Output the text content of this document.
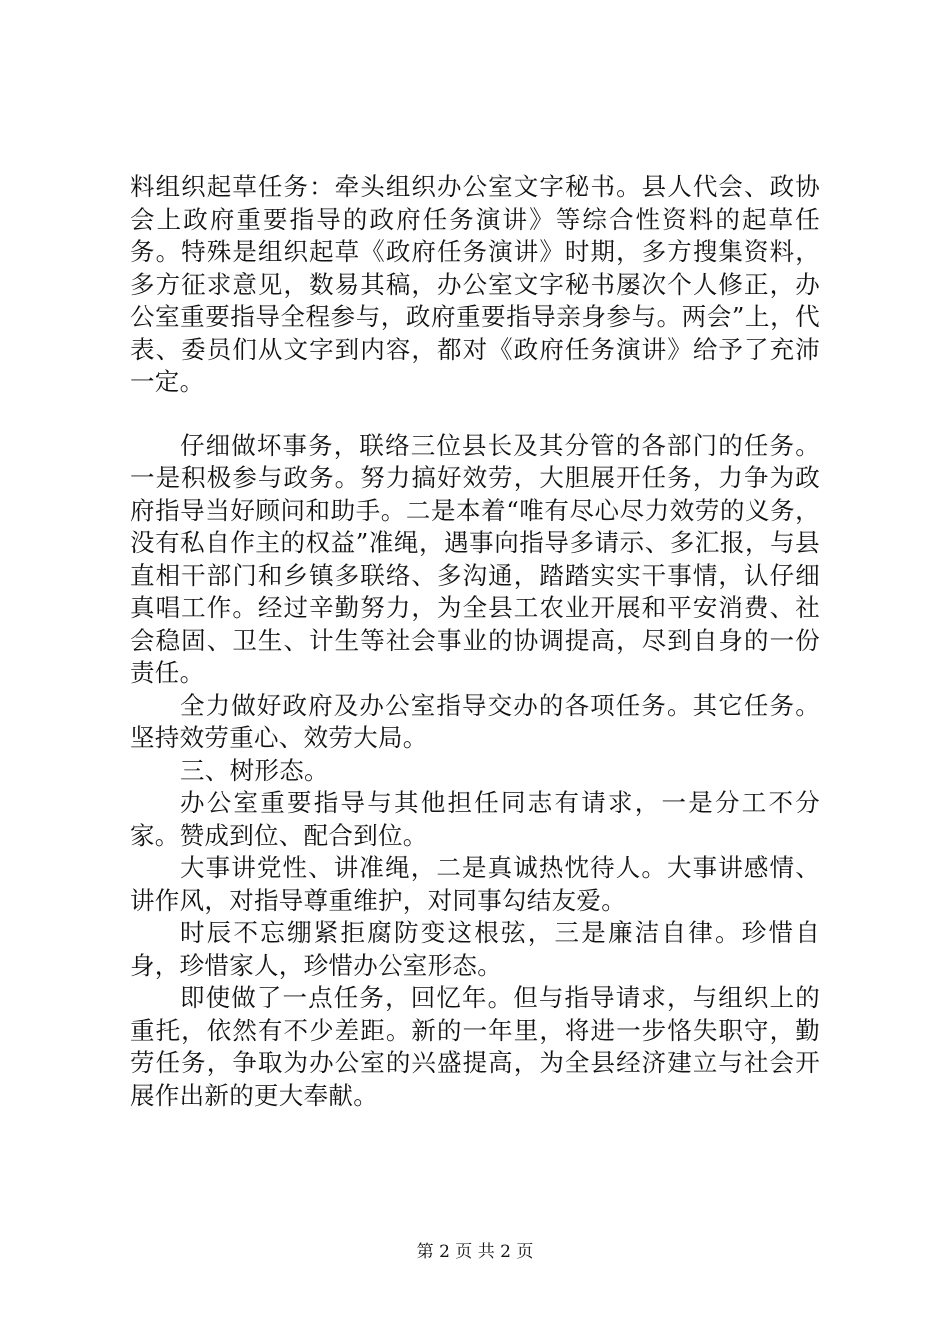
料组织起草任务：牵头组织办公室文字秘书。县人代会、政协会上政府重要指导的政府任务演讲》等综合性资料的起草任务。特殊是组织起草《政府任务演讲》时期，多方搜集资料，多方征求意见，数易其稿，办公室文字秘书屡次个人修正，办公室重要指导全程参与，政府重要指导亲身参与。两会”上，代表、委员们从文字到内容，都对《政府任务演讲》给予了充沛一定。

仔细做坏事务，联络三位县长及其分管的各部门的任务。一是积极参与政务。努力搞好效劳，大胆展开任务，力争为政府指导当好顾问和助手。二是本着“唯有尽心尽力效劳的义务，没有私自作主的权益”准绳，遇事向指导多请示、多汇报，与县直相干部门和乡镇多联络、多沟通，踏踏实实干事情，认仔细真唱工作。经过辛勤努力，为全县工农业开展和平安消费、社会稳固、卫生、计生等社会事业的协调提高，尽到自身的一份责任。

全力做好政府及办公室指导交办的各项任务。其它任务。坚持效劳重心、效劳大局。

三、树形态。

办公室重要指导与其他担任同志有请求，一是分工不分家。赞成到位、配合到位。

大事讲党性、讲准绳，二是真诚热忱待人。大事讲感情、讲作风，对指导尊重维护，对同事勾结友爱。

时辰不忘绷紧拒腐防变这根弦，三是廉洁自律。珍惜自身，珍惜家人，珍惜办公室形态。

即使做了一点任务，回忆年。但与指导请求，与组织上的重托，依然有不少差距。新的一年里，将进一步恪失职守，勤劳任务，争取为办公室的兴盛提高，为全县经济建立与社会开展作出新的更大奉献。

第 2 页 共 2 页
